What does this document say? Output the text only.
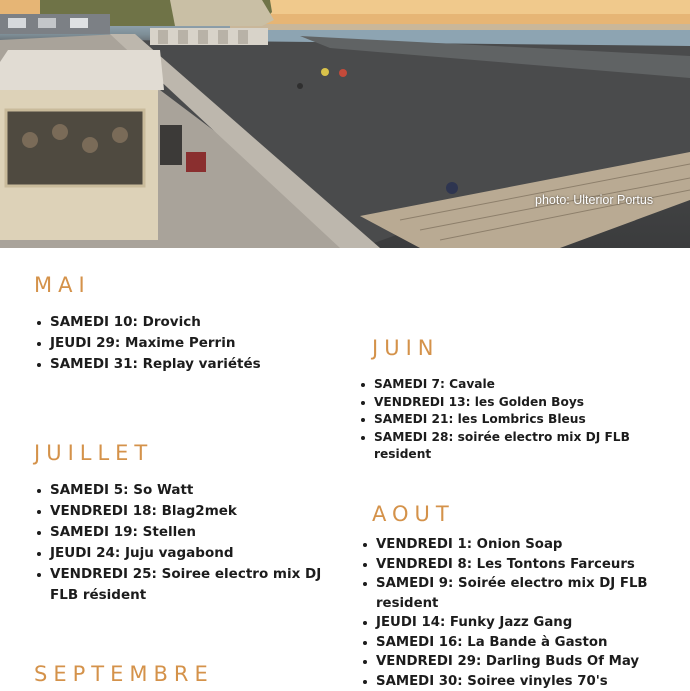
photo: Ulterior Portus
MAI
SAMEDI 10: Drovich
JEUDI 29: Maxime Perrin
SAMEDI 31: Replay variétés
JUIN
SAMEDI 7: Cavale
VENDREDI 13: les Golden Boys
SAMEDI 21: les Lombrics Bleus
SAMEDI 28: soirée electro mix DJ FLB resident
JUILLET
SAMEDI 5: So Watt
VENDREDI 18: Blag2mek
SAMEDI 19: Stellen
JEUDI 24: Juju vagabond
VENDREDI 25: Soiree electro mix DJ FLB résident
AOUT
VENDREDI 1: Onion Soap
VENDREDI 8: Les Tontons Farceurs
SAMEDI 9: Soirée electro mix DJ FLB resident
JEUDI 14: Funky Jazz Gang
SAMEDI 16: La Bande à Gaston
VENDREDI 29: Darling Buds Of May
SAMEDI 30: Soiree vinyles 70's
SEPTEMBRE
